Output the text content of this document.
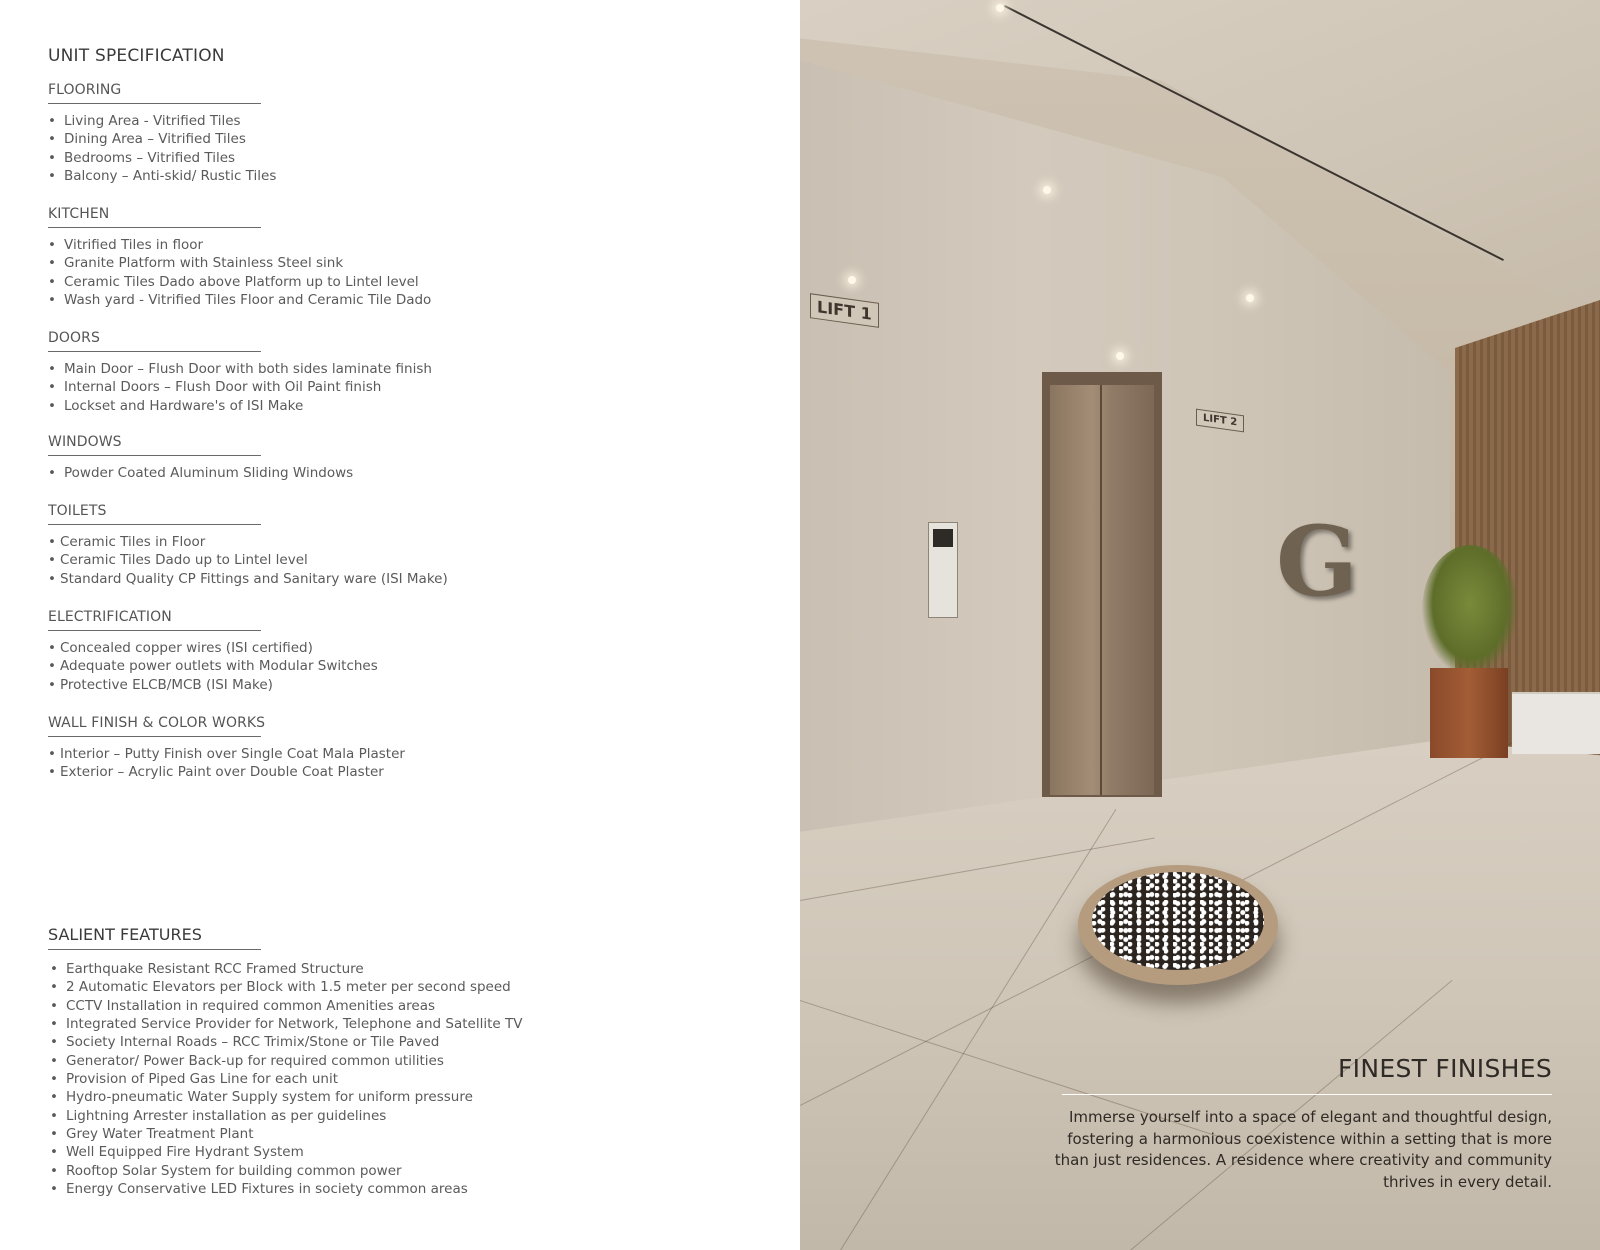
UNIT SPECIFICATION
FLOORING
• Living Area - Vitrified Tiles
• Dining Area – Vitrified Tiles
• Bedrooms – Vitrified Tiles
• Balcony – Anti-skid/ Rustic Tiles
KITCHEN
• Vitrified Tiles in floor
• Granite Platform with Stainless Steel sink
• Ceramic Tiles Dado above Platform up to Lintel level
• Wash yard - Vitrified Tiles Floor and Ceramic Tile Dado
DOORS
• Main Door – Flush Door with both sides laminate finish
• Internal Doors – Flush Door with Oil Paint finish
• Lockset and Hardware's of ISI Make
WINDOWS
• Powder Coated Aluminum Sliding Windows
TOILETS
• Ceramic Tiles in Floor
• Ceramic Tiles Dado up to Lintel level
• Standard Quality CP Fittings and Sanitary ware (ISI Make)
ELECTRIFICATION
• Concealed copper wires (ISI certified)
• Adequate power outlets with Modular Switches
• Protective ELCB/MCB (ISI Make)
WALL FINISH & COLOR WORKS
• Interior – Putty Finish over Single Coat Mala Plaster
• Exterior – Acrylic Paint over Double Coat Plaster
SALIENT FEATURES
• Earthquake Resistant RCC Framed Structure
• 2 Automatic Elevators per Block with 1.5 meter per second speed
• CCTV Installation in required common Amenities areas
• Integrated Service Provider for Network, Telephone and Satellite TV
• Society Internal Roads – RCC Trimix/Stone or Tile Paved
• Generator/ Power Back-up for required common utilities
• Provision of Piped Gas Line for each unit
• Hydro-pneumatic Water Supply system for uniform pressure
• Lightning Arrester installation as per guidelines
• Grey Water Treatment Plant
• Well Equipped Fire Hydrant System
• Rooftop Solar System for building common power
• Energy Conservative LED Fixtures in society common areas
LIFT 1
LIFT 2
G
FINEST FINISHES

Immerse yourself into a space of elegant and thoughtful design, fostering a harmonious coexistence within a setting that is more than just residences. A residence where creativity and community thrives in every detail.
